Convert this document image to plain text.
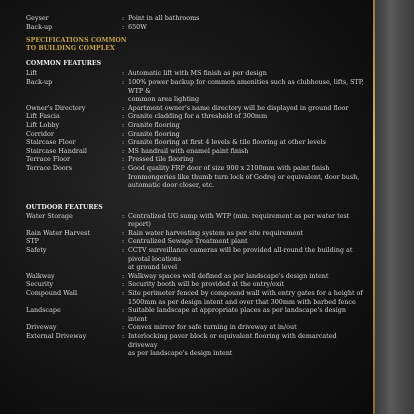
Geyser	: Point in all bathrooms
Back-up	: 650W
SPECIFICATIONS COMMON
TO BUILDING COMPLEX
COMMON FEATURES
Lift	: Automatic lift with MS finish as per design
Back-up	: 100% power backup for common amenities such as clubhouse, lifts, STP, WTP &
common area lighting
Owner's Directory	: Apartment owner's name directory will be displayed in ground floor
Lift Fascia	: Granite cladding for a threshold of 300mm
Lift Lobby	: Granite flooring
Corridor	: Granite flooring
Staircase Floor	: Granite flooring at first 4 levels & tile flooring at other levels
Staircase Handrail	: MS handrail with enamel paint finish
Terrace Floor	: Pressed tile flooring
Terrace Doors	: Good quality FRP door of size 900 x 2100mm with paint finish
Ironmongeries like thumb turn lock of Godrej or equivalent, door bush,
automatic door closer, etc.
OUTDOOR FEATURES
Water Storage	: Centralized UG sump with WTP (min. requirement as per water test report)
Rain Water Harvest	: Rain water harvesting system as per site requirement
STP	: Centralized Sewage Treatment plant
Safety	: CCTV surveillance cameras will be provided all-round the building at pivotal locations
at ground level
Walkway	: Walkway spaces well defined as per landscape's design intent
Security	: Security booth will be provided at the entry/exit
Compound Wall	: Site perimeter fenced by compound wall with entry gates for a height of
1500mm as per design intent and over that 300mm with barbed fence
Landscape	: Suitable landscape at appropriate places as per landscape's design intent
Driveway	: Convex mirror for safe turning in driveway at in/out
External Driveway	: Interlocking paver block or equivalent flooring with demarcated driveway
as per landscape's design intent
